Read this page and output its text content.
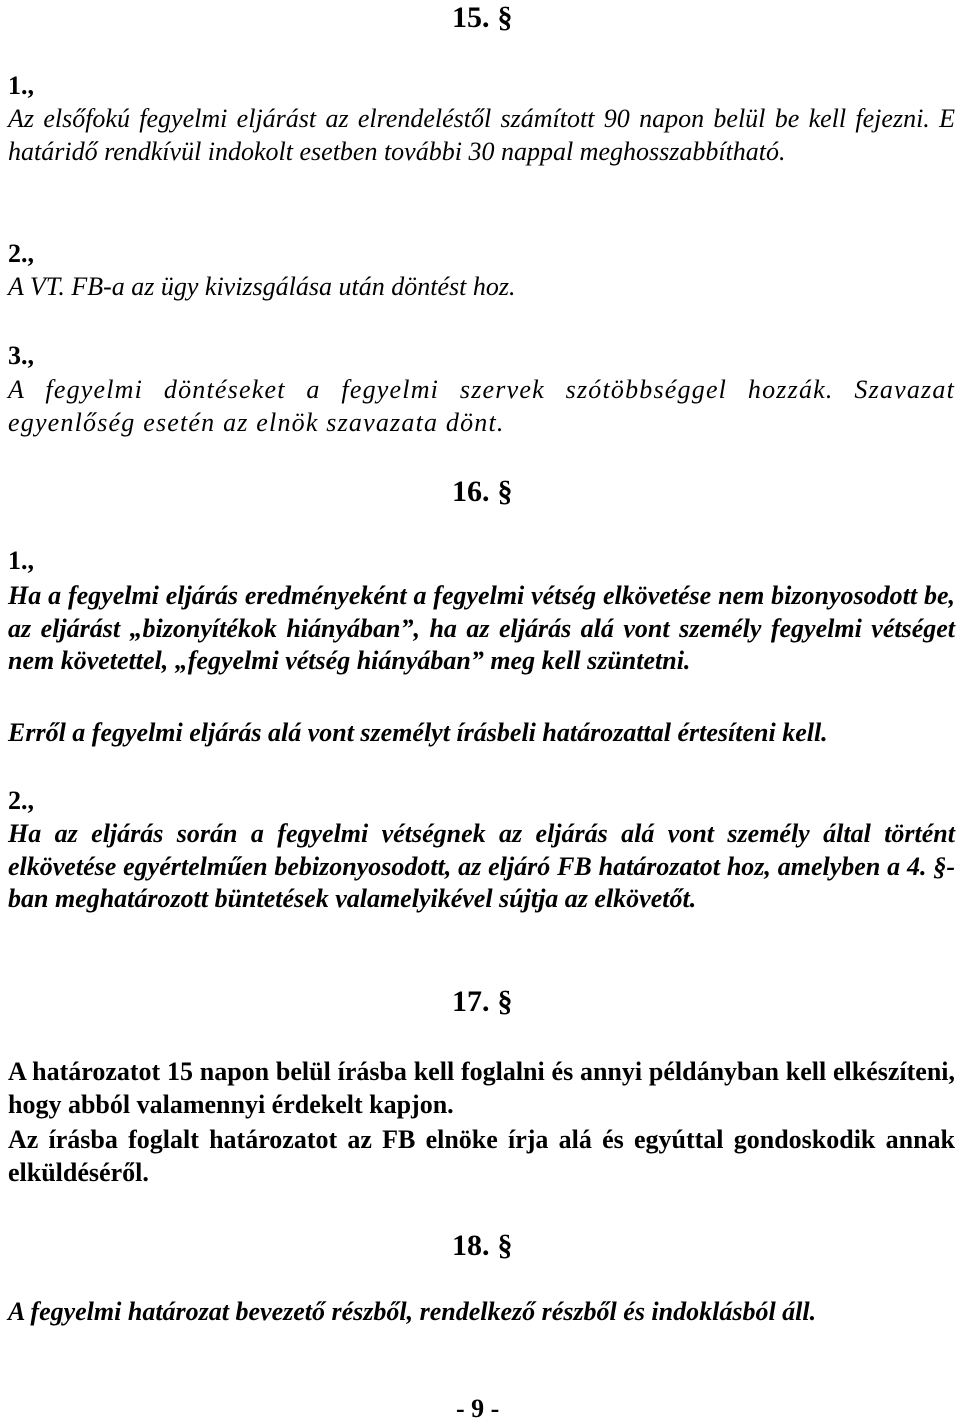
15. §
1.,
Az elsőfokú fegyelmi eljárást az elrendeléstől számított 90 napon belül be kell fejezni. E határidő rendkívül indokolt esetben további 30 nappal meghosszabbítható.
2.,
A VT. FB-a az ügy kivizsgálása után döntést hoz.
3.,
A fegyelmi döntéseket a fegyelmi szervek szótöbbséggel hozzák. Szavazat egyenlőség esetén az elnök szavazata dönt.
16. §
1.,
Ha a fegyelmi eljárás eredményeként a fegyelmi vétség elkövetése nem bizonyosodott be, az eljárást „bizonyítékok hiányában”, ha az eljárás alá vont személy fegyelmi vétséget nem követettel, „fegyelmi vétség hiányában” meg kell szüntetni.
Erről a fegyelmi eljárás alá vont személyt írásbeli határozattal értesíteni kell.
2.,
Ha az eljárás során a fegyelmi vétségnek az eljárás alá vont személy által történt elkövetése egyértelműen bebizonyosodott, az eljáró FB határozatot hoz, amelyben a 4. §-ban meghatározott büntetések valamelyikével sújtja az elkövetőt.
17. §
A határozatot 15 napon belül írásba kell foglalni és annyi példányban kell elkészíteni, hogy abból valamennyi érdekelt kapjon.
Az írásba foglalt határozatot az FB elnöke írja alá és egyúttal gondoskodik annak elküldéséről.
18. §
A fegyelmi határozat bevezető részből, rendelkező részből és indoklásból áll.
- 9 -
